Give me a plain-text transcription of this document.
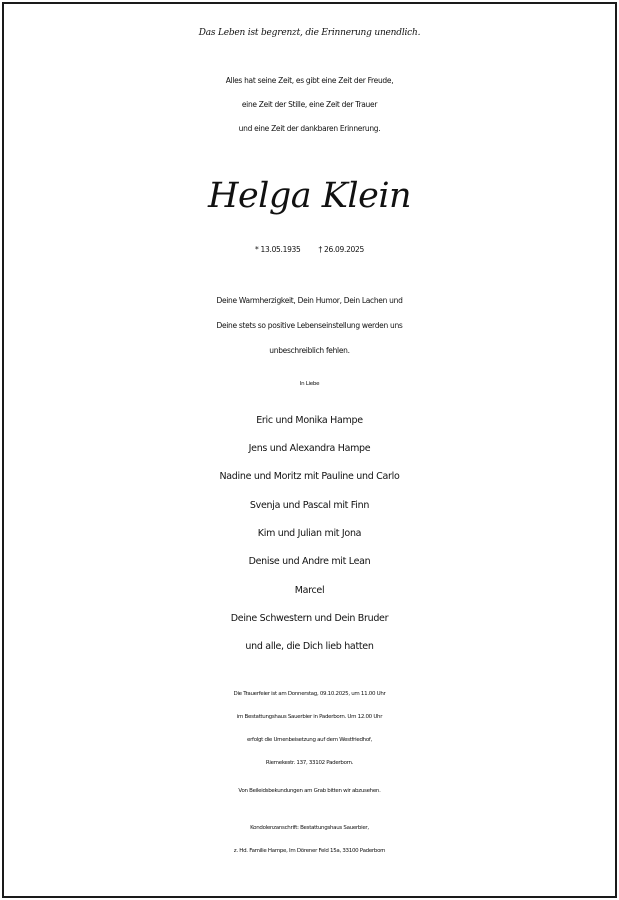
Das Leben ist begrenzt, die Erinnerung unendlich.
Alles hat seine Zeit, es gibt eine Zeit der Freude,
eine Zeit der Stille, eine Zeit der Trauer
und eine Zeit der dankbaren Erinnerung.
Helga Klein
* 13.05.1935 † 26.09.2025
Deine Warmherzigkeit, Dein Humor, Dein Lachen und
Deine stets so positive Lebenseinstellung werden uns
unbeschreiblich fehlen.
In Liebe
Eric und Monika Hampe
Jens und Alexandra Hampe
Nadine und Moritz mit Pauline und Carlo
Svenja und Pascal mit Finn
Kim und Julian mit Jona
Denise und Andre mit Lean
Marcel
Deine Schwestern und Dein Bruder
und alle, die Dich lieb hatten
Die Trauerfeier ist am Donnerstag, 09.10.2025, um 11.00 Uhr
im Bestattungshaus Sauerbier in Paderborn. Um 12.00 Uhr
erfolgt die Urnenbeisetzung auf dem Westfriedhof,
Riemekestr. 137, 33102 Paderborn.
Von Beileidsbekundungen am Grab bitten wir abzusehen.
Kondolenzanschrift: Bestattungshaus Sauerbier,
z. Hd. Familie Hampe, Im Dörener Feld 15a, 33100 Paderborn
